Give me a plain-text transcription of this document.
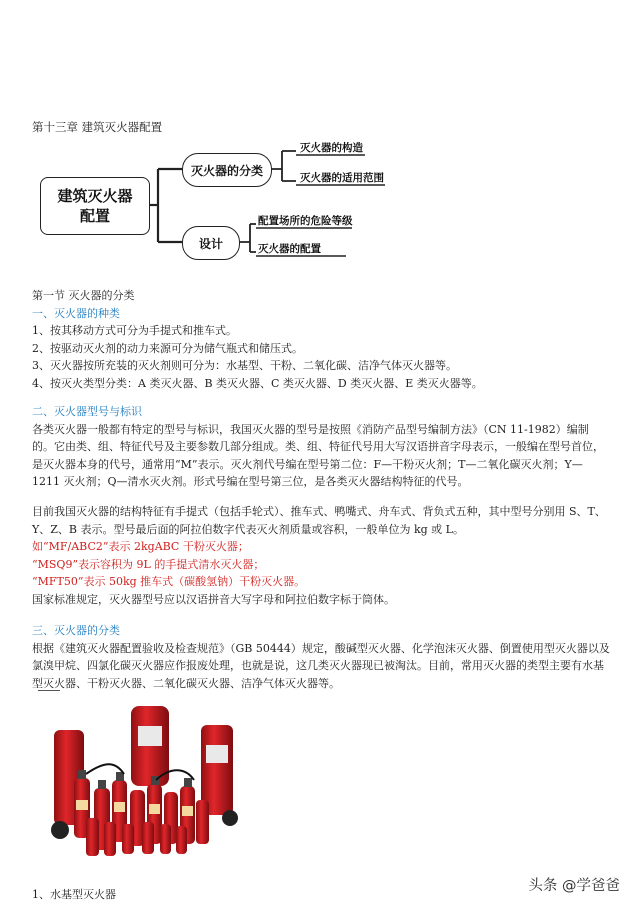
第十三章 建筑灭火器配置
建筑灭火器
配置
灭火器的分类
设计
灭火器的构造
灭火器的适用范围
配置场所的危险等级
灭火器的配置

第一节 灭火器的分类

一、灭火器的种类

1、按其移动方式可分为手提式和推车式。

2、按驱动灭火剂的动力来源可分为储气瓶式和储压式。

3、灭火器按所充装的灭火剂则可分为：水基型、干粉、二氧化碳、洁净气体灭火器等。

4、按灭火类型分类：A 类灭火器、B 类灭火器、C 类灭火器、D 类灭火器、E 类灭火器等。

二、灭火器型号与标识

各类灭火器一般都有特定的型号与标识，我国灭火器的型号是按照《消防产品型号编制方法》（CN 11-1982）编制的。它由类、组、特征代号及主要参数几部分组成。类、组、特征代号用大写汉语拼音字母表示，一般编在型号首位，是灭火器本身的代号，通常用“M”表示。灭火剂代号编在型号第二位：F—干粉灭火剂；T—二氧化碳灭火剂；Y—1211 灭火剂；Q—清水灭火剂。形式号编在型号第三位，是各类灭火器结构特征的代号。

目前我国灭火器的结构特征有手提式（包括手轮式）、推车式、鸭嘴式、舟车式、背负式五种，其中型号分别用 S、T、Y、Z、B 表示。型号最后面的阿拉伯数字代表灭火剂质量或容积，一般单位为 kg 或 L。

如“MF/ABC2”表示 2kgABC 干粉灭火器；

“MSQ9”表示容积为 9L 的手提式清水灭火器；

“MFT50”表示 50kg 推车式（碳酸氢钠）干粉灭火器。

国家标准规定，灭火器型号应以汉语拼音大写字母和阿拉伯数字标于筒体。

三、灭火器的分类

根据《建筑灭火器配置验收及检查规范》（GB 50444）规定，酸碱型灭火器、化学泡沫灭火器、倒置使用型灭火器以及氯溴甲烷、四氯化碳灭火器应作报废处理，也就是说，这几类灭火器现已被淘汰。目前，常用灭火器的类型主要有水基型灭火器、干粉灭火器、二氧化碳灭火器、洁净气体灭火器等。

1、水基型灭火器
头条 @学爸爸
